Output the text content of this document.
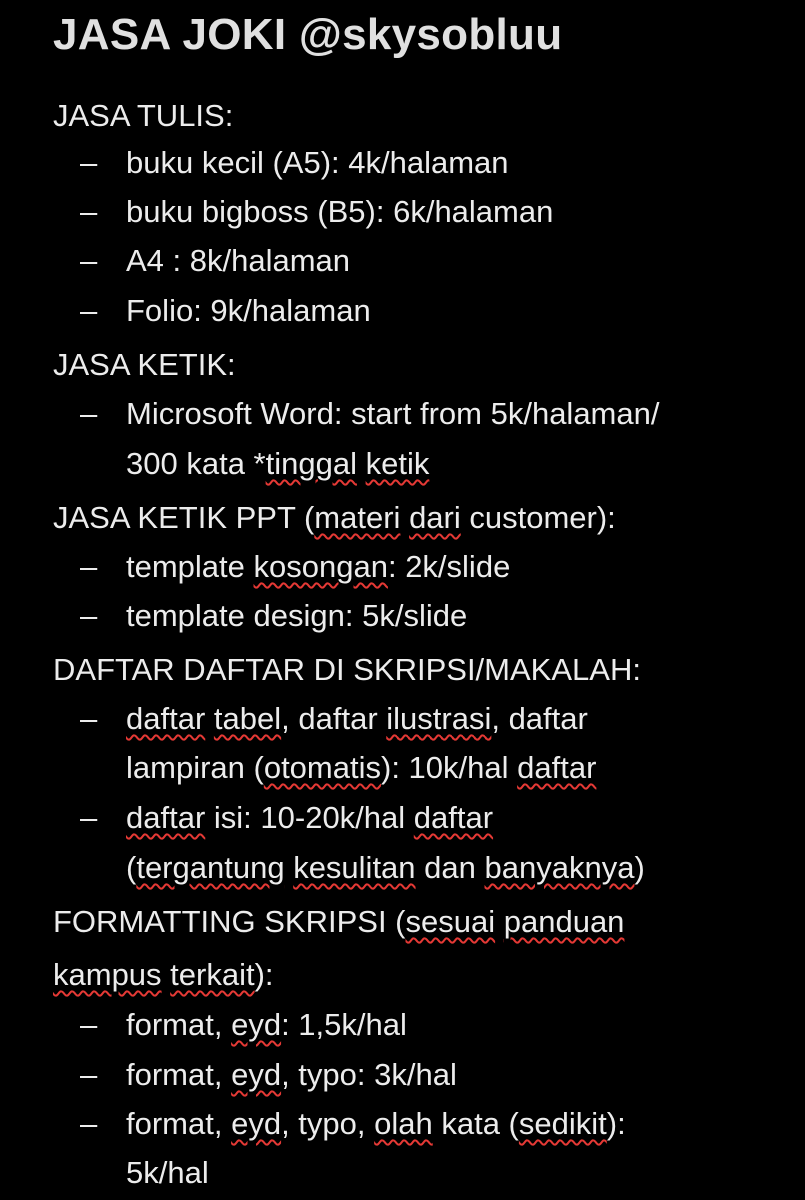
JASA JOKI @skysobluu
JASA TULIS:
– buku kecil (A5): 4k/halaman
– buku bigboss (B5): 6k/halaman
– A4 : 8k/halaman
– Folio: 9k/halaman
JASA KETIK:
– Microsoft Word: start from 5k/halaman/
300 kata *tinggal ketik
JASA KETIK PPT (materi dari customer):
– template kosongan: 2k/slide
– template design: 5k/slide
DAFTAR DAFTAR DI SKRIPSI/MAKALAH:
– daftar tabel, daftar ilustrasi, daftar
lampiran (otomatis): 10k/hal daftar
– daftar isi: 10-20k/hal daftar
(tergantung kesulitan dan banyaknya)
FORMATTING SKRIPSI (sesuai panduan
kampus terkait):
– format, eyd: 1,5k/hal
– format, eyd, typo: 3k/hal
– format, eyd, typo, olah kata (sedikit):
5k/hal
